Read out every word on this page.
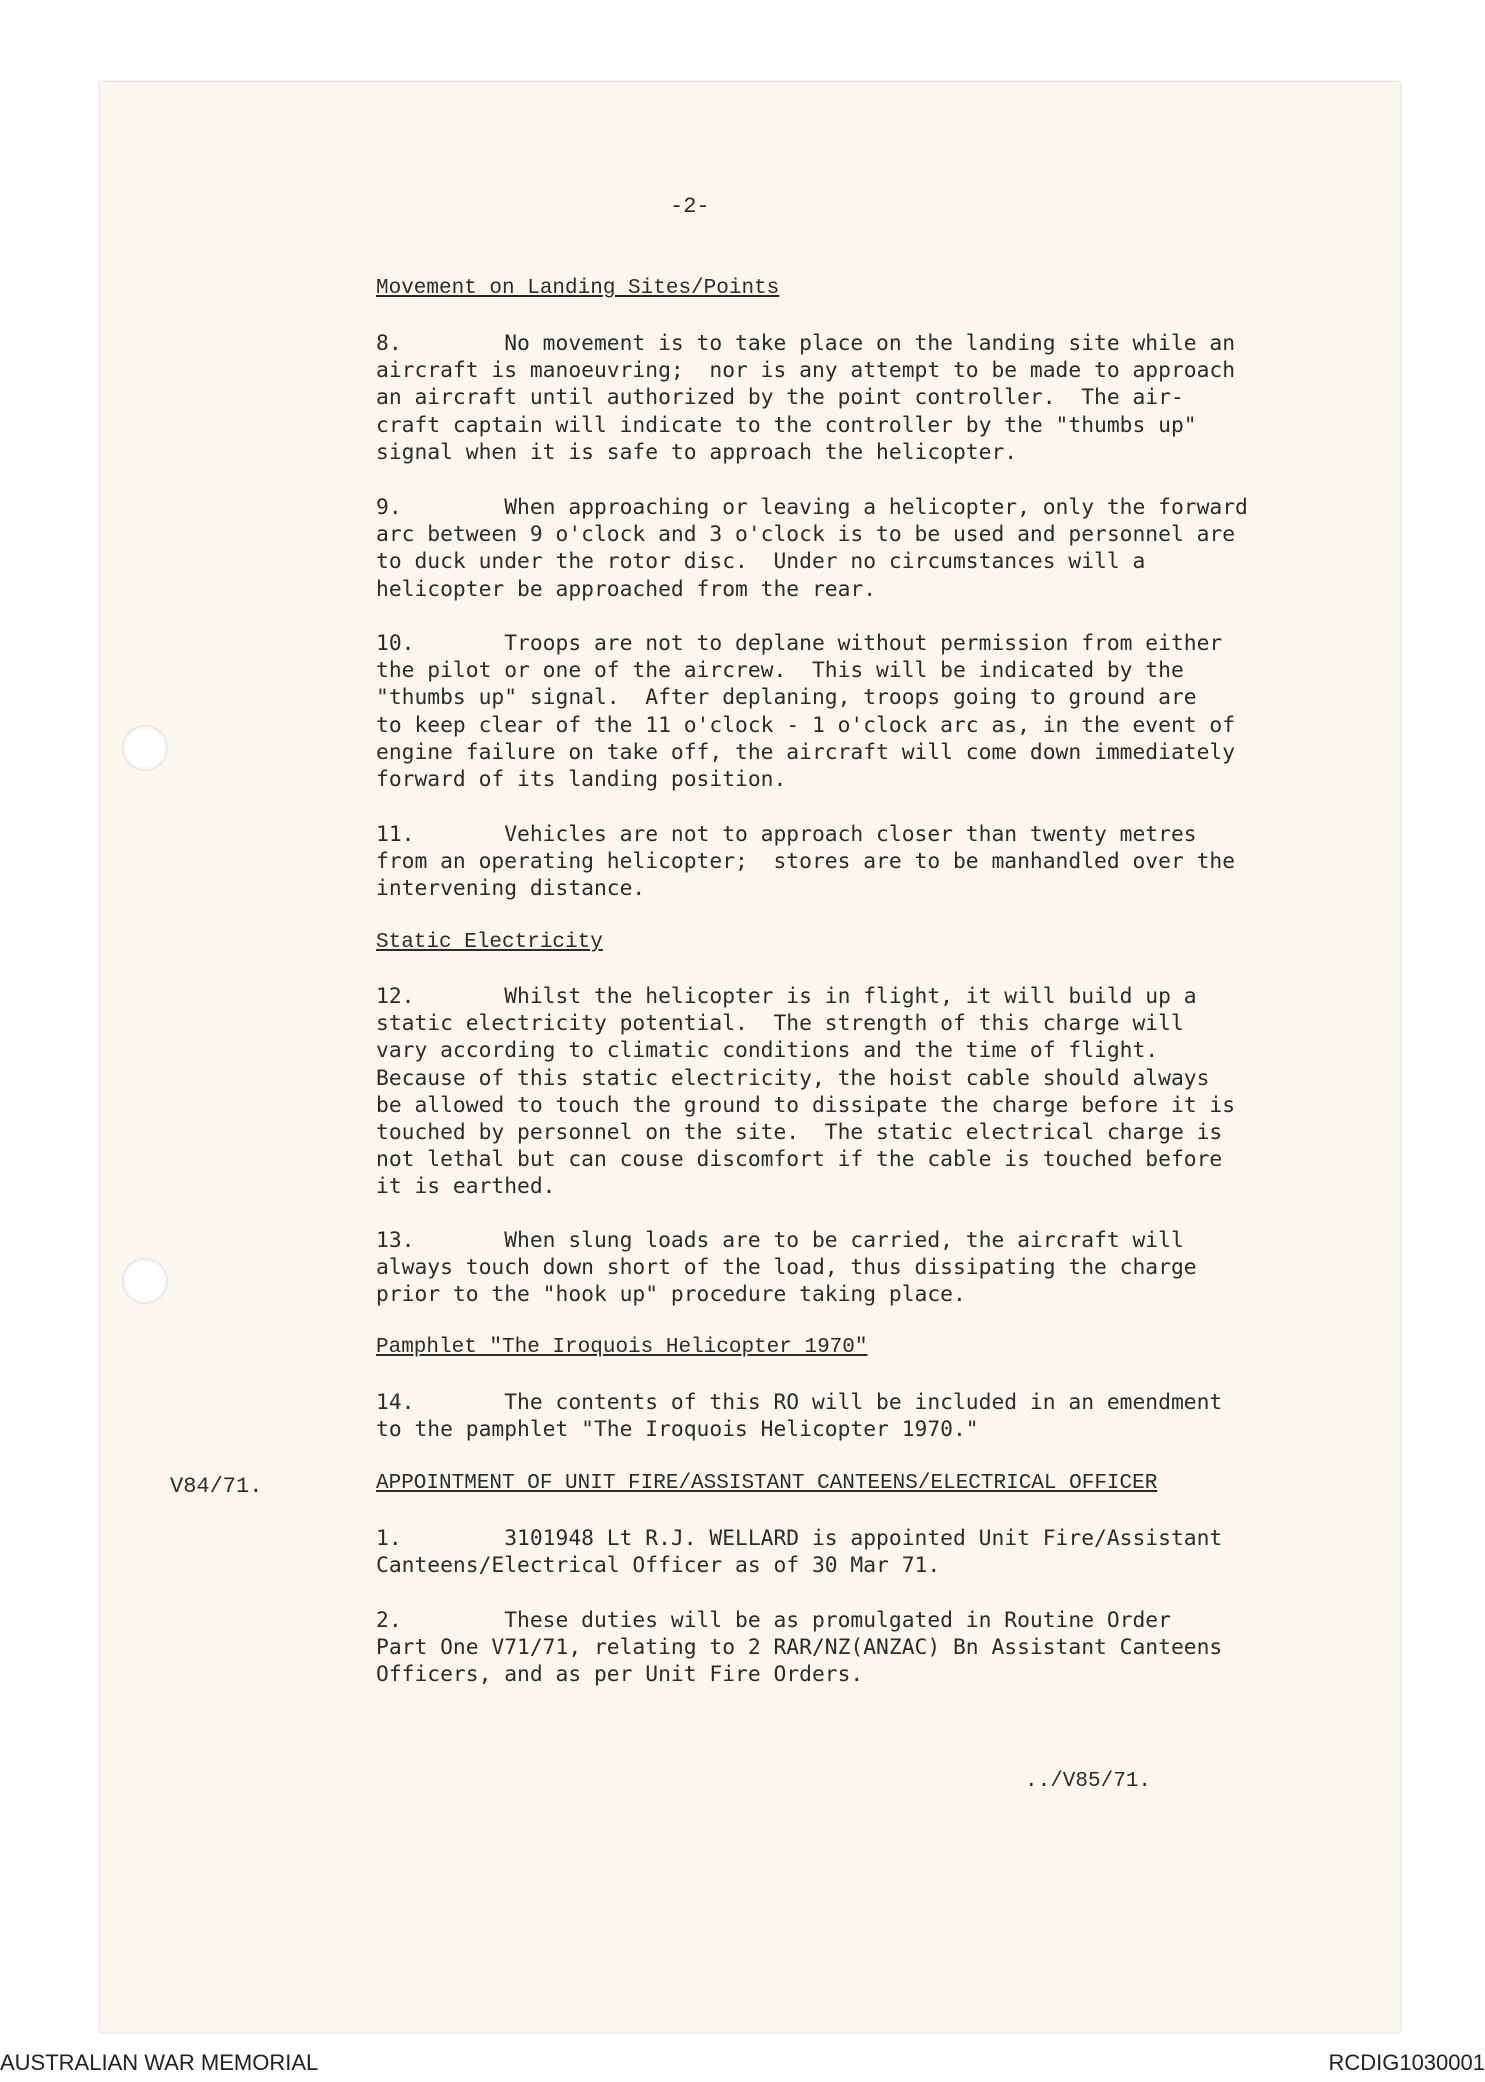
-2-
Movement on Landing Sites/Points
8.        No movement is to take place on the landing site while an
aircraft is manoeuvring;  nor is any attempt to be made to approach
an aircraft until authorized by the point controller.  The air-
craft captain will indicate to the controller by the "thumbs up"
signal when it is safe to approach the helicopter.
9.        When approaching or leaving a helicopter, only the forward
arc between 9 o'clock and 3 o'clock is to be used and personnel are
to duck under the rotor disc.  Under no circumstances will a
helicopter be approached from the rear.
10.       Troops are not to deplane without permission from either
the pilot or one of the aircrew.  This will be indicated by the
"thumbs up" signal.  After deplaning, troops going to ground are
to keep clear of the 11 o'clock - 1 o'clock arc as, in the event of
engine failure on take off, the aircraft will come down immediately
forward of its landing position.
11.       Vehicles are not to approach closer than twenty metres
from an operating helicopter;  stores are to be manhandled over the
intervening distance.
Static Electricity
12.       Whilst the helicopter is in flight, it will build up a
static electricity potential.  The strength of this charge will
vary according to climatic conditions and the time of flight.
Because of this static electricity, the hoist cable should always
be allowed to touch the ground to dissipate the charge before it is
touched by personnel on the site.  The static electrical charge is
not lethal but can couse discomfort if the cable is touched before
it is earthed.
13.       When slung loads are to be carried, the aircraft will
always touch down short of the load, thus dissipating the charge
prior to the "hook up" procedure taking place.
Pamphlet "The Iroquois Helicopter 1970"
14.       The contents of this RO will be included in an emendment
to the pamphlet "The Iroquois Helicopter 1970."
V84/71.	APPOINTMENT OF UNIT FIRE/ASSISTANT CANTEENS/ELECTRICAL OFFICER
1.        3101948 Lt R.J. WELLARD is appointed Unit Fire/Assistant
Canteens/Electrical Officer as of 30 Mar 71.
2.        These duties will be as promulgated in Routine Order
Part One V71/71, relating to 2 RAR/NZ(ANZAC) Bn Assistant Canteens
Officers, and as per Unit Fire Orders.
../V85/71.
AUSTRALIAN WAR MEMORIAL	RCDIG1030001
